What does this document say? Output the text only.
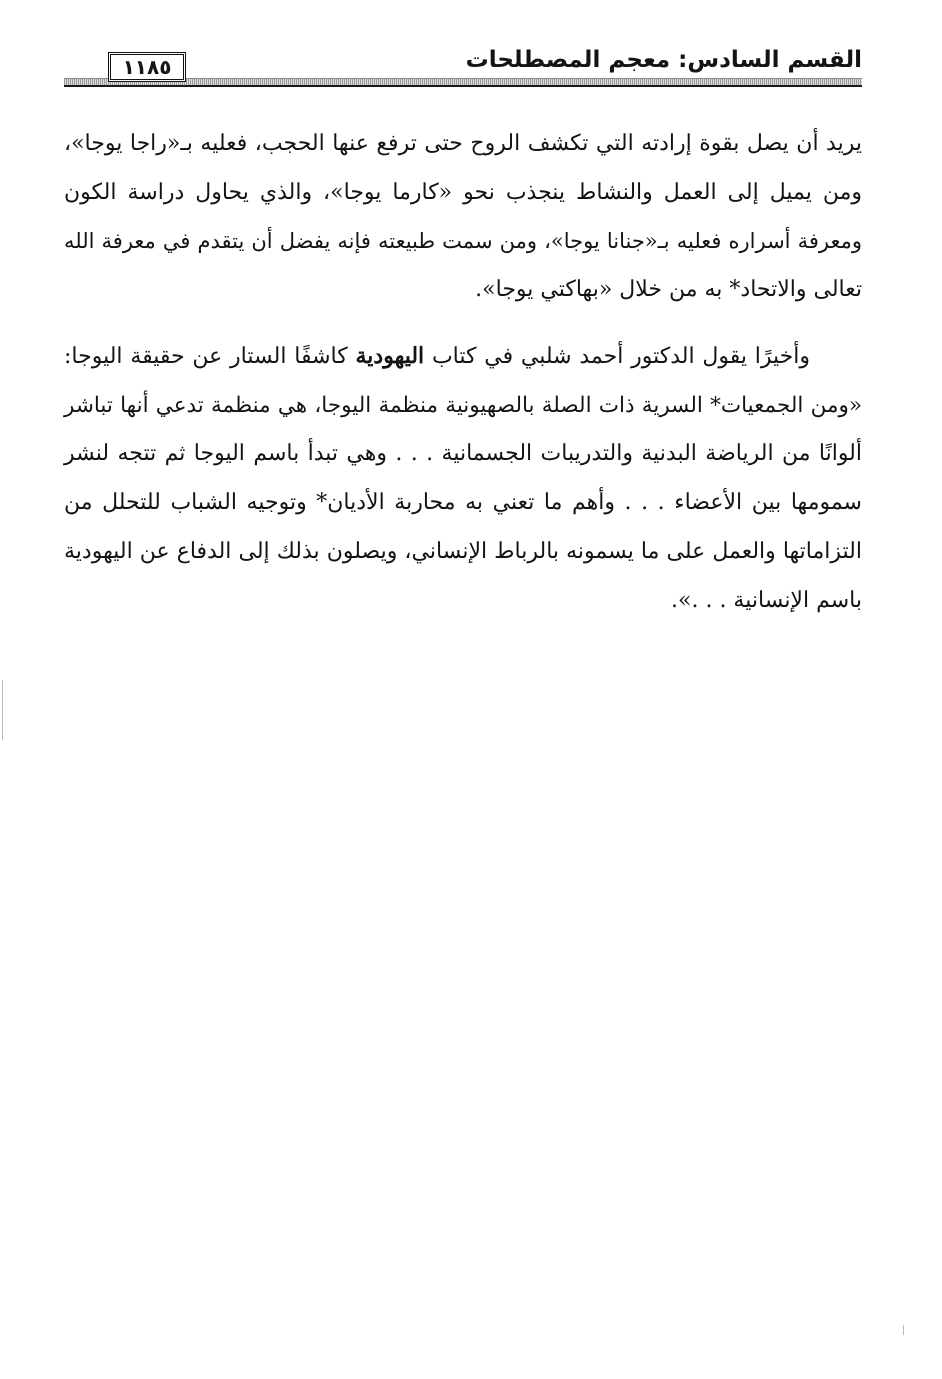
القسم السادس: معجم المصطلحات
١١٨٥
يريد أن يصل بقوة إرادته التي تكشف الروح حتى ترفع عنها الحجب، فعليه بـ«راجا يوجا»،
ومن يميل إلى العمل والنشاط ينجذب نحو «كارما يوجا»، والذي يحاول دراسة الكون
ومعرفة أسراره فعليه بـ«جنانا يوجا»، ومن سمت طبيعته فإنه يفضل أن يتقدم في معرفة الله
تعالى والاتحاد* به من خلال «بهاكتي يوجا».
وأخيرًا يقول الدكتور أحمد شلبي في كتاب اليهودية كاشفًا الستار عن حقيقة اليوجا:
«ومن الجمعيات* السرية ذات الصلة بالصهيونية منظمة اليوجا، هي منظمة تدعي أنها تباشر
ألوانًا من الرياضة البدنية والتدريبات الجسمانية . . . وهي تبدأ باسم اليوجا ثم تتجه لنشر
سمومها بين الأعضاء . . . وأهم ما تعني به محاربة الأديان* وتوجيه الشباب للتحلل من
التزاماتها والعمل على ما يسمونه بالرباط الإنساني، ويصلون بذلك إلى الدفاع عن اليهودية
باسم الإنسانية . . .».
